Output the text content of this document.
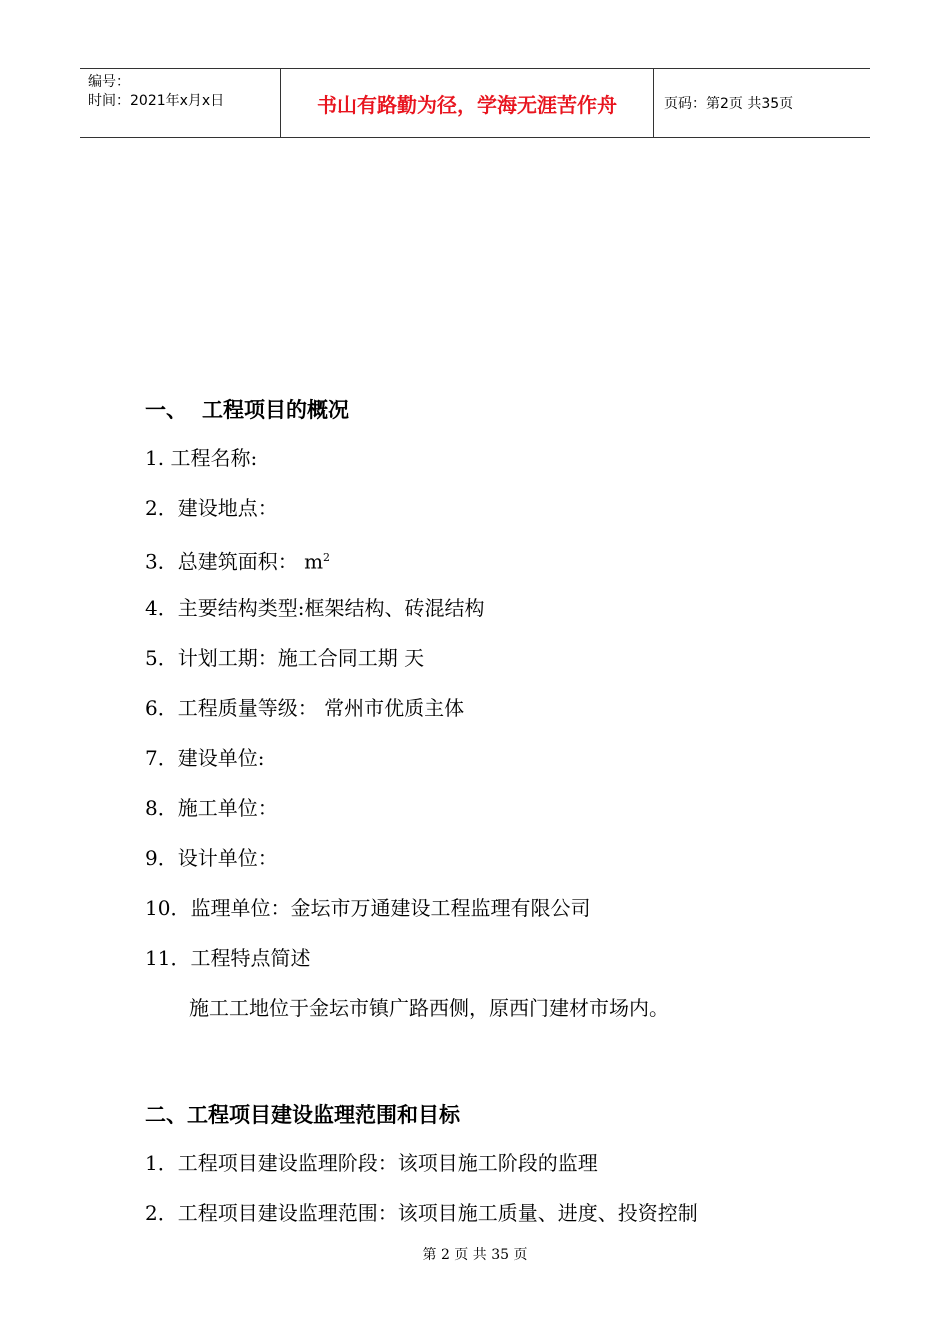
编号：
时间：2021年x月x日	书山有路勤为径，学海无涯苦作舟	页码：第2页 共35页
一、 工程项目的概况
1. 工程名称:
2．建设地点：
3．总建筑面积： $m^2$
4．主要结构类型:框架结构、砖混结构
5．计划工期：施工合同工期 天
6．工程质量等级： 常州市优质主体
7．建设单位:
8．施工单位：
9．设计单位：
10．监理单位：金坛市万通建设工程监理有限公司
11．工程特点简述
施工工地位于金坛市镇广路西侧，原西门建材市场内。
二、工程项目建设监理范围和目标
1．工程项目建设监理阶段：该项目施工阶段的监理
2．工程项目建设监理范围：该项目施工质量、进度、投资控制
第 2 页 共 35 页
